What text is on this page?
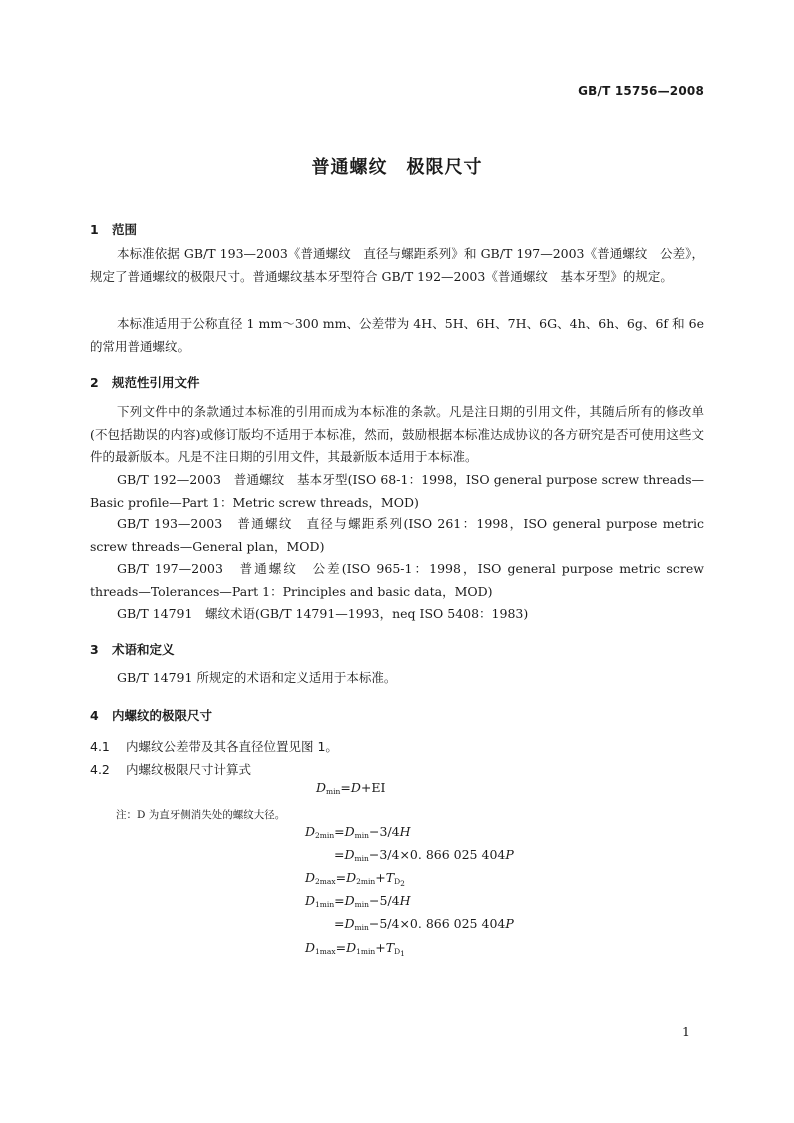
GB/T 15756—2008
普通螺纹　极限尺寸
1 范围
本标准依据 GB/T 193—2003《普通螺纹　直径与螺距系列》和 GB/T 197—2003《普通螺纹　公差》，规定了普通螺纹的极限尺寸。普通螺纹基本牙型符合 GB/T 192—2003《普通螺纹　基本牙型》的规定。
本标准适用于公称直径 1 mm～300 mm、公差带为 4H、5H、6H、7H、6G、4h、6h、6g、6f 和 6e 的常用普通螺纹。
2 规范性引用文件
下列文件中的条款通过本标准的引用而成为本标准的条款。凡是注日期的引用文件，其随后所有的修改单(不包括勘误的内容)或修订版均不适用于本标准，然而，鼓励根据本标准达成协议的各方研究是否可使用这些文件的最新版本。凡是不注日期的引用文件，其最新版本适用于本标准。
GB/T 192—2003　普通螺纹　基本牙型(ISO 68-1：1998，ISO general purpose screw threads—Basic profile—Part 1：Metric screw threads，MOD)
GB/T 193—2003　普通螺纹　直径与螺距系列(ISO 261：1998，ISO general purpose metric screw threads—General plan，MOD)
GB/T 197—2003　普通螺纹　公差(ISO 965-1：1998，ISO general purpose metric screw threads—Tolerances—Part 1：Principles and basic data，MOD)
GB/T 14791　螺纹术语(GB/T 14791—1993，neq ISO 5408：1983)
3 术语和定义
GB/T 14791 所规定的术语和定义适用于本标准。
4 内螺纹的极限尺寸
4.1 内螺纹公差带及其各直径位置见图 1。
4.2 内螺纹极限尺寸计算式
$D_{min}=D+EI$
注：D 为直牙侧消失处的螺纹大径。
$D_{2min}=D_{min}-3/4H$
$=D_{min}-3/4\times 0$. 866 025 404P
$D_{2max}=D_{2min}+T_{D_2}$
$D_{1min}=D_{min}-5/4H$
$=D_{min}-5/4\times 0$. 866 025 404P
$D_{1max}=D_{1min}+T_{D_1}$
1
